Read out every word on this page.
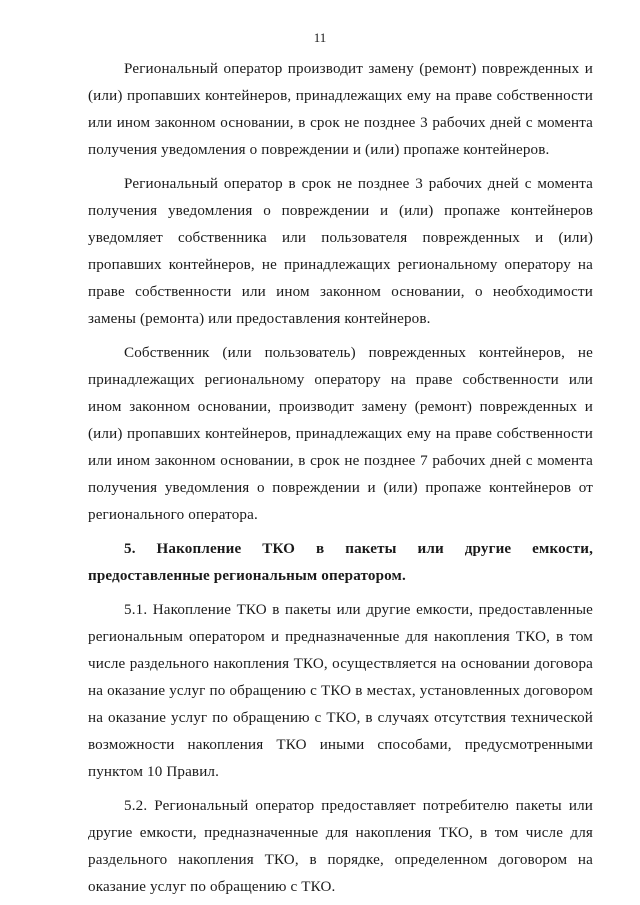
11

Региональный оператор производит замену (ремонт) поврежденных и (или) пропавших контейнеров, принадлежащих ему на праве собственности или ином законном основании, в срок не позднее 3 рабочих дней с момента получения уведомления о повреждении и (или) пропаже контейнеров.

Региональный оператор в срок не позднее 3 рабочих дней с момента получения уведомления о повреждении и (или) пропаже контейнеров уведомляет собственника или пользователя поврежденных и (или) пропавших контейнеров, не принадлежащих региональному оператору на праве собственности или ином законном основании, о необходимости замены (ремонта) или предоставления контейнеров.

Собственник (или пользователь) поврежденных контейнеров, не принадлежащих региональному оператору на праве собственности или ином законном основании, производит замену (ремонт) поврежденных и (или) пропавших контейнеров, принадлежащих ему на праве собственности или ином законном основании, в срок не позднее 7 рабочих дней с момента получения уведомления о повреждении и (или) пропаже контейнеров от регионального оператора.

5. Накопление ТКО в пакеты или другие емкости, предоставленные региональным оператором.

5.1. Накопление ТКО в пакеты или другие емкости, предоставленные региональным оператором и предназначенные для накопления ТКО, в том числе раздельного накопления ТКО, осуществляется на основании договора на оказание услуг по обращению с ТКО в местах, установленных договором на оказание услуг по обращению с ТКО, в случаях отсутствия технической возможности накопления ТКО иными способами, предусмотренными пунктом 10 Правил.

5.2. Региональный оператор предоставляет потребителю пакеты или другие емкости, предназначенные для накопления ТКО, в том числе для раздельного накопления ТКО, в порядке, определенном договором на оказание услуг по обращению с ТКО.
